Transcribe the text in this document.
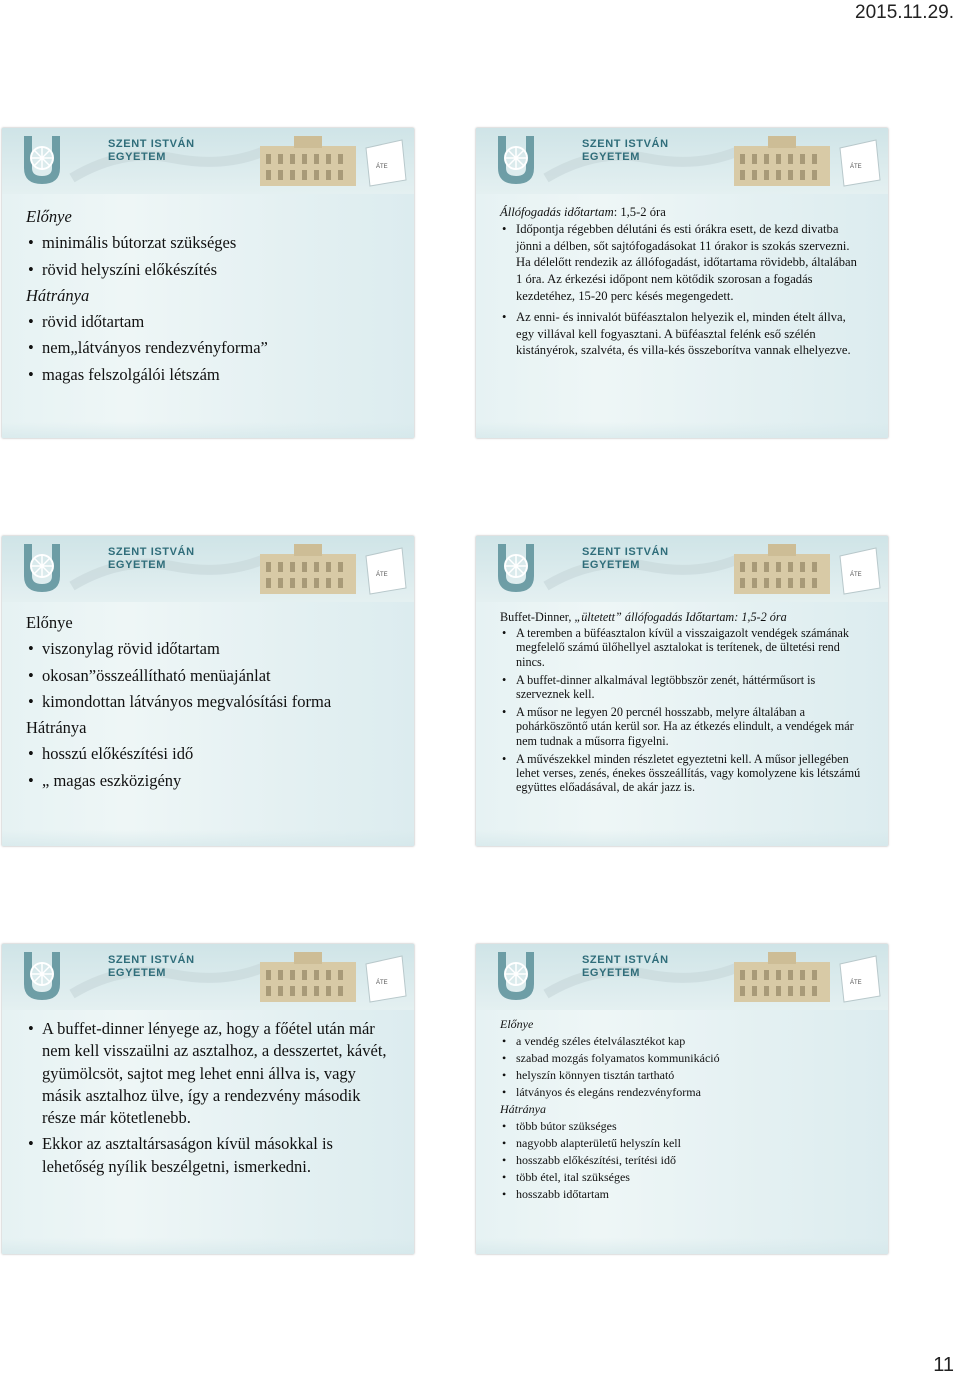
2015.11.29.
SZENT ISTVÁN
EGYETEM
ÁTE
Előnye
• minimális bútorzat szükséges
• rövid helyszíni előkészítés
Hátránya
• rövid időtartam
• nem„látványos rendezvényforma”
• magas felszolgálói létszám
SZENT ISTVÁN
EGYETEM
ÁTE
Állófogadás időtartam: 1,5-2 óra
• Időpontja régebben délutáni és esti órákra esett, de kezd divatba jönni a délben, sőt sajtófogadásokat 11 órakor is szokás szervezni. Ha délelőtt rendezik az állófogadást, időtartama rövidebb, általában 1 óra. Az érkezési időpont nem kötődik szorosan a fogadás kezdetéhez, 15-20 perc késés megengedett.
• Az enni- és innivalót büféasztalon helyezik el, minden ételt állva, egy villával kell fogyasztani. A büféasztal felénk eső szélén kistányérok, szalvéta, és villa-kés összeborítva vannak elhelyezve.
SZENT ISTVÁN
EGYETEM
ÁTE
Előnye
• viszonylag rövid időtartam
• okosan”összeállítható menüajánlat
• kimondottan látványos megvalósítási forma
Hátránya
• hosszú előkészítési idő
• „ magas eszközigény
SZENT ISTVÁN
EGYETEM
ÁTE
Buffet-Dinner, „ültetett” állófogadás Időtartam: 1,5-2 óra
• A teremben a büféasztalon kívül a visszaigazolt vendégek számának megfelelő számú ülőhellyel asztalokat is terítenek, de ültetési rend nincs.
• A buffet-dinner alkalmával legtöbbször zenét, háttérműsort is szerveznek kell.
• A műsor ne legyen 20 percnél hosszabb, melyre általában a pohárköszöntő után kerül sor. Ha az étkezés elindult, a vendégek már nem tudnak a műsorra figyelni.
• A művészekkel minden részletet egyeztetni kell. A műsor jellegében lehet verses, zenés, énekes összeállítás, vagy komolyzene kis létszámú együttes előadásával, de akár jazz is.
SZENT ISTVÁN
EGYETEM
ÁTE
• A buffet-dinner lényege az, hogy a főétel után már nem kell visszaülni az asztalhoz, a desszertet, kávét, gyümölcsöt, sajtot meg lehet enni állva is, vagy másik asztalhoz ülve, így a rendezvény második része már kötetlenebb.
• Ekkor az asztaltársaságon kívül másokkal is lehetőség nyílik beszélgetni, ismerkedni.
SZENT ISTVÁN
EGYETEM
ÁTE
Előnye
• a vendég széles ételválasztékot kap
• szabad mozgás folyamatos kommunikáció
• helyszín könnyen tisztán tartható
• látványos és elegáns rendezvényforma
Hátránya
• több bútor szükséges
• nagyobb alapterületű helyszín kell
• hosszabb előkészítési, terítési idő
• több étel, ital szükséges
• hosszabb időtartam
11
